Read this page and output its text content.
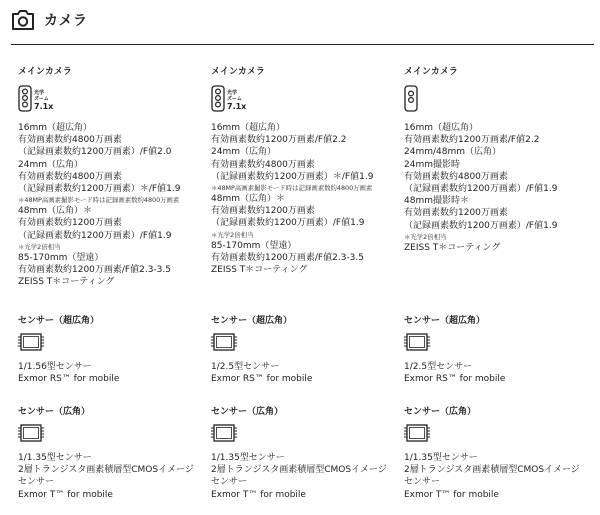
カメラ
メインカメラ
光学
ズーム
7.1x
16mm（超広角）
有効画素数約4800万画素
（記録画素数約1200万画素）/F値2.0
24mm（広角）
有効画素数約4800万画素
（記録画素数約1200万画素）＊/F値1.9
＊48MP高画素撮影モード時は記録画素数約4800万画素
48mm（広角）＊
有効画素数約1200万画素
（記録画素数約1200万画素）/F値1.9
＊光学2倍相当
85-170mm（望遠）
有効画素数約1200万画素/F値2.3-3.5
ZEISS T＊コーティング
センサー（超広角）
1/1.56型センサー
Exmor RS™ for mobile
センサー（広角）
1/1.35型センサー
2層トランジスタ画素積層型CMOSイメージセンサー
Exmor T™ for mobile
メインカメラ
光学
ズーム
7.1x
16mm（超広角）
有効画素数約1200万画素/F値2.2
24mm（広角）
有効画素数約4800万画素
（記録画素数約1200万画素）＊/F値1.9
＊48MP高画素撮影モード時は記録画素数約4800万画素
48mm（広角）＊
有効画素数約1200万画素
（記録画素数約1200万画素）/F値1.9
＊光学2倍相当
85-170mm（望遠）
有効画素数約1200万画素/F値2.3-3.5
ZEISS T＊コーティング
センサー（超広角）
1/2.5型センサー
Exmor RS™ for mobile
センサー（広角）
1/1.35型センサー
2層トランジスタ画素積層型CMOSイメージセンサー
Exmor T™ for mobile
メインカメラ
16mm（超広角）
有効画素数約1200万画素/F値2.2
24mm/48mm（広角）
24mm撮影時
有効画素数約4800万画素
（記録画素数約1200万画素）/F値1.9
48mm撮影時＊
有効画素数約1200万画素
（記録画素数約1200万画素）/F値1.9
＊光学2倍相当
ZEISS T＊コーティング
センサー（超広角）
1/2.5型センサー
Exmor RS™ for mobile
センサー（広角）
1/1.35型センサー
2層トランジスタ画素積層型CMOSイメージセンサー
Exmor T™ for mobile
